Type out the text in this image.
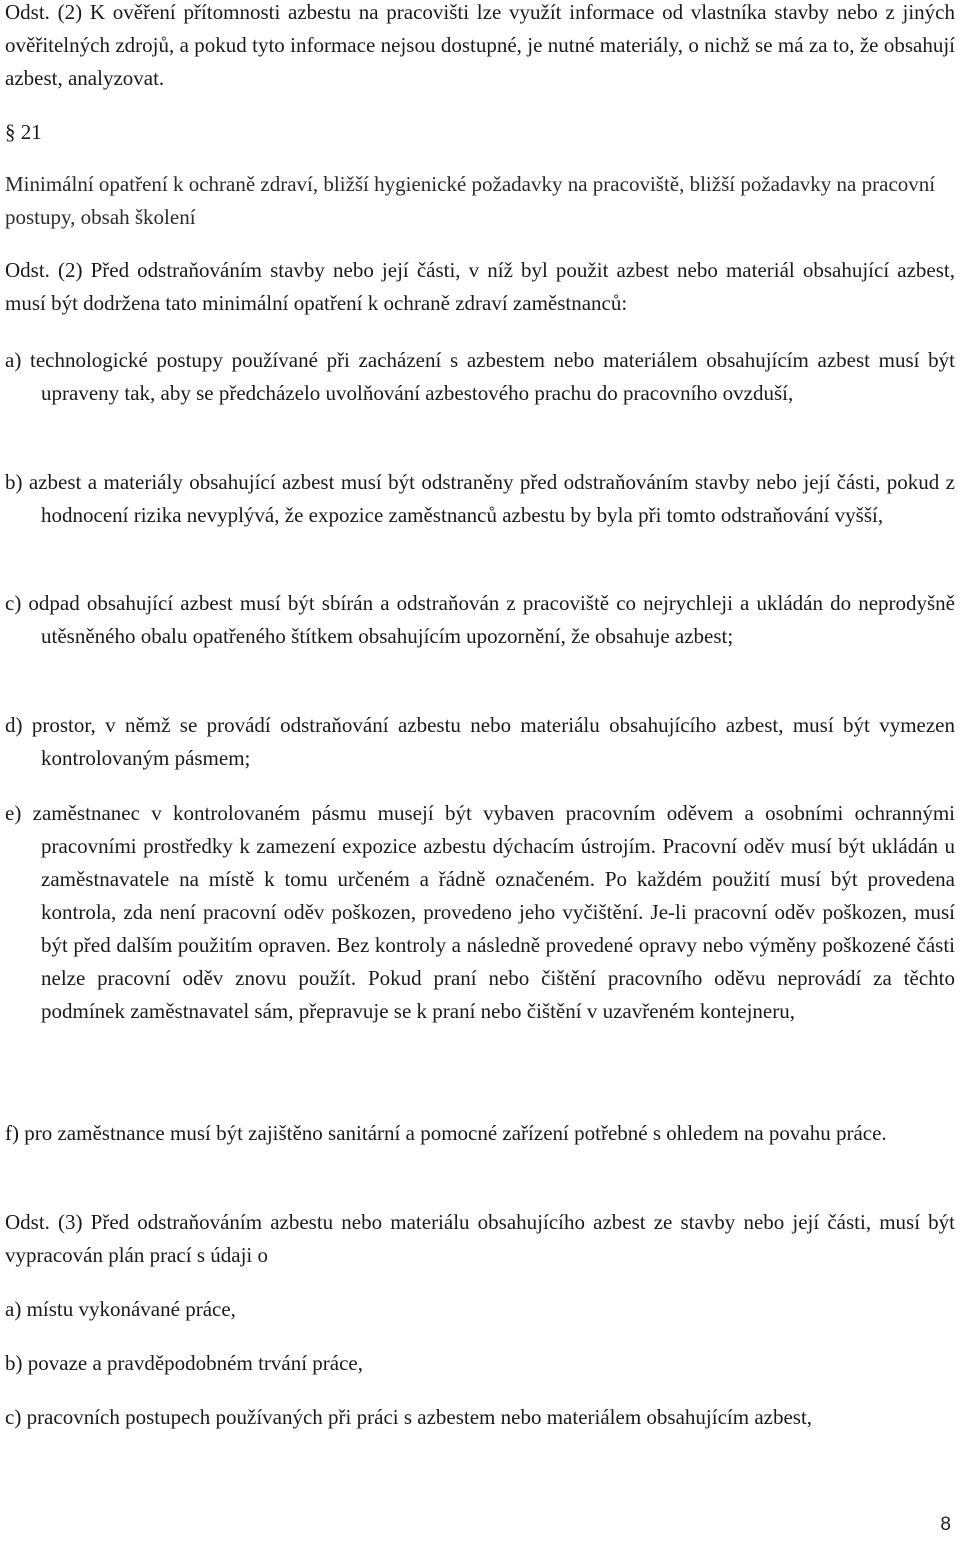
Odst. (2) K ověření přítomnosti azbestu na pracovišti lze využít informace od vlastníka stavby nebo z jiných ověřitelných zdrojů, a pokud tyto informace nejsou dostupné, je nutné materiály, o nichž se má za to, že obsahují azbest, analyzovat.

§ 21

Minimální opatření k ochraně zdraví, bližší hygienické požadavky na pracoviště, bližší požadavky na pracovní postupy, obsah školení

Odst. (2) Před odstraňováním stavby nebo její části, v níž byl použit azbest nebo materiál obsahující azbest, musí být dodržena tato minimální opatření k ochraně zdraví zaměstnanců:

a) technologické postupy používané při zacházení s azbestem nebo materiálem obsahujícím azbest musí být upraveny tak, aby se předcházelo uvolňování azbestového prachu do pracovního ovzduší,

b) azbest a materiály obsahující azbest musí být odstraněny před odstraňováním stavby nebo její části, pokud z hodnocení rizika nevyplývá, že expozice zaměstnanců azbestu by byla při tomto odstraňování vyšší,

c) odpad obsahující azbest musí být sbírán a odstraňován z pracoviště co nejrychleji a ukládán do neprodyšně utěsněného obalu opatřeného štítkem obsahujícím upozornění, že obsahuje azbest;

d) prostor, v němž se provádí odstraňování azbestu nebo materiálu obsahujícího azbest, musí být vymezen kontrolovaným pásmem;

e) zaměstnanec v kontrolovaném pásmu musejí být vybaven pracovním oděvem a osobními ochrannými pracovními prostředky k zamezení expozice azbestu dýchacím ústrojím. Pracovní oděv musí být ukládán u zaměstnavatele na místě k tomu určeném a řádně označeném. Po každém použití musí být provedena kontrola, zda není pracovní oděv poškozen, provedeno jeho vyčištění. Je-li pracovní oděv poškozen, musí být před dalším použitím opraven. Bez kontroly a následně provedené opravy nebo výměny poškozené části nelze pracovní oděv znovu použít. Pokud praní nebo čištění pracovního oděvu neprovádí za těchto podmínek zaměstnavatel sám, přepravuje se k praní nebo čištění v uzavřeném kontejneru,

f) pro zaměstnance musí být zajištěno sanitární a pomocné zařízení potřebné s ohledem na povahu práce.

Odst. (3) Před odstraňováním azbestu nebo materiálu obsahujícího azbest ze stavby nebo její části, musí být vypracován plán prací s údaji o

a) místu vykonávané práce,

b) povaze a pravděpodobném trvání práce,

c) pracovních postupech používaných při práci s azbestem nebo materiálem obsahujícím azbest,

8
